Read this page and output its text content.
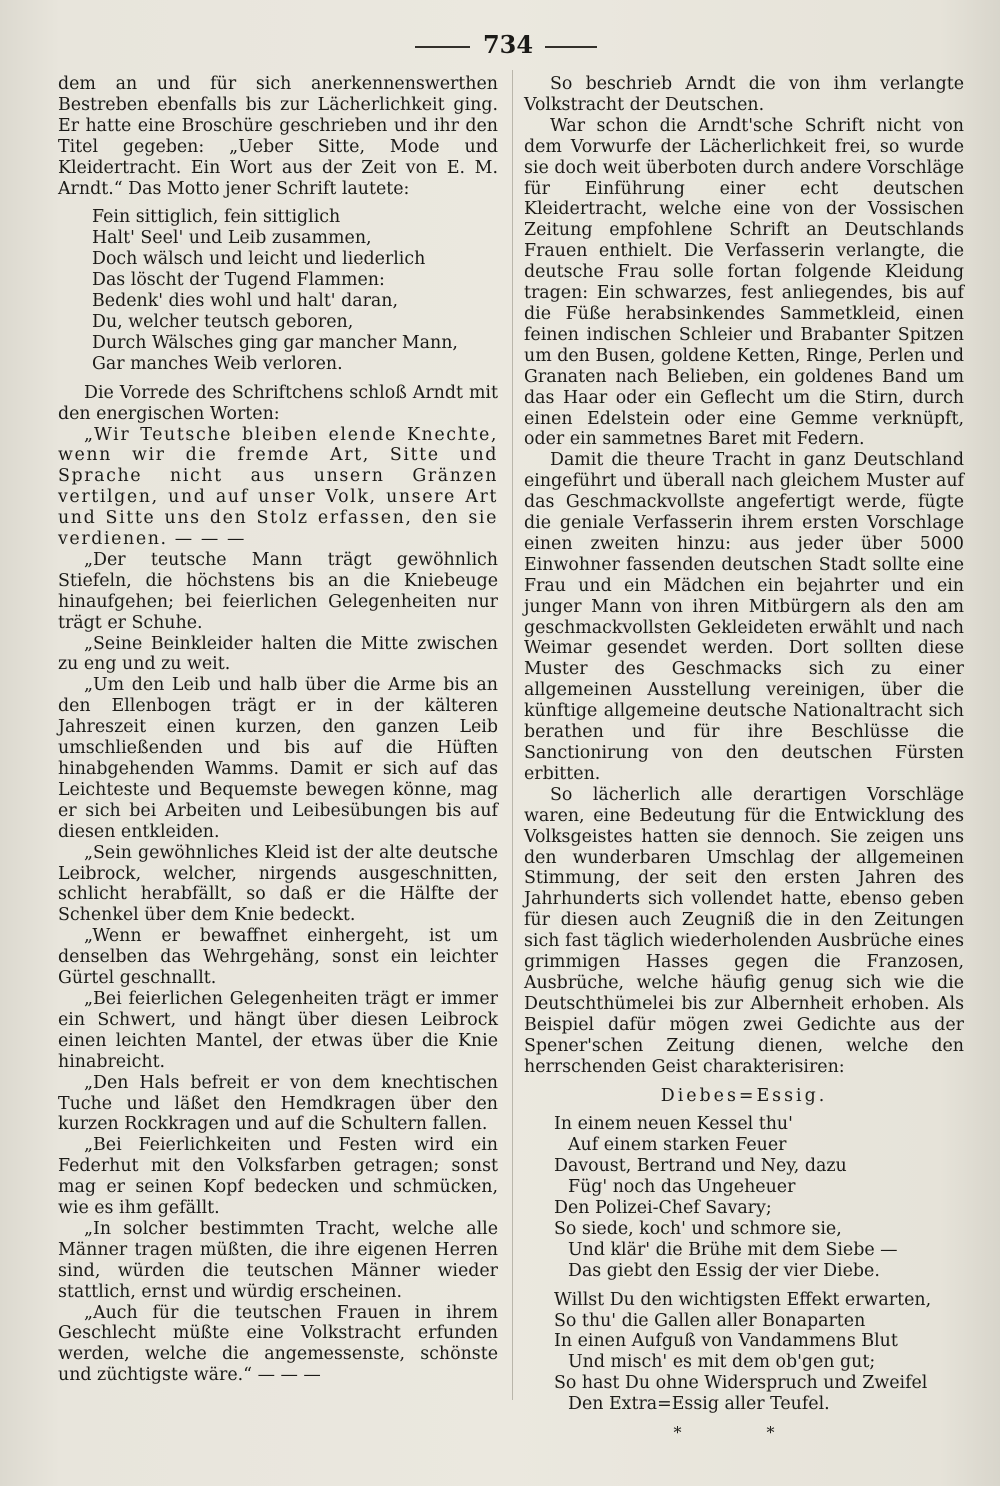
734

dem an und für sich anerkennenswerthen Bestreben ebenfalls bis zur Lächerlichkeit ging. Er hatte eine Broschüre geschrieben und ihr den Titel gegeben: „Ueber Sitte, Mode und Kleidertracht. Ein Wort aus der Zeit von E. M. Arndt.“ Das Motto jener Schrift lautete:

Fein sittiglich, fein sittiglich
Halt' Seel' und Leib zusammen,
Doch wälsch und leicht und liederlich
Das löscht der Tugend Flammen:
Bedenk' dies wohl und halt' daran,
Du, welcher teutsch geboren,
Durch Wälsches ging gar mancher Mann,
Gar manches Weib verloren.

Die Vorrede des Schriftchens schloß Arndt mit den energischen Worten:

„Wir Teutsche bleiben elende Knechte, wenn wir die fremde Art, Sitte und Sprache nicht aus unsern Gränzen vertilgen, und auf unser Volk, unsere Art und Sitte uns den Stolz erfassen, den sie verdienen. — — —

„Der teutsche Mann trägt gewöhnlich Stiefeln, die höchstens bis an die Kniebeuge hinaufgehen; bei feierlichen Gelegenheiten nur trägt er Schuhe.

„Seine Beinkleider halten die Mitte zwischen zu eng und zu weit.

„Um den Leib und halb über die Arme bis an den Ellenbogen trägt er in der kälteren Jahreszeit einen kurzen, den ganzen Leib umschließenden und bis auf die Hüften hinabgehenden Wamms. Damit er sich auf das Leichteste und Bequemste bewegen könne, mag er sich bei Arbeiten und Leibesübungen bis auf diesen entkleiden.

„Sein gewöhnliches Kleid ist der alte deutsche Leibrock, welcher, nirgends ausgeschnitten, schlicht herabfällt, so daß er die Hälfte der Schenkel über dem Knie bedeckt.

„Wenn er bewaffnet einhergeht, ist um denselben das Wehrgehäng, sonst ein leichter Gürtel geschnallt.

„Bei feierlichen Gelegenheiten trägt er immer ein Schwert, und hängt über diesen Leibrock einen leichten Mantel, der etwas über die Knie hinabreicht.

„Den Hals befreit er von dem knechtischen Tuche und läßet den Hemdkragen über den kurzen Rockkragen und auf die Schultern fallen.

„Bei Feierlichkeiten und Festen wird ein Federhut mit den Volksfarben getragen; sonst mag er seinen Kopf bedecken und schmücken, wie es ihm gefällt.

„In solcher bestimmten Tracht, welche alle Männer tragen müßten, die ihre eigenen Herren sind, würden die teutschen Männer wieder stattlich, ernst und würdig erscheinen.

„Auch für die teutschen Frauen in ihrem Geschlecht müßte eine Volkstracht erfunden werden, welche die angemessenste, schönste und züchtigste wäre.“ — — —

So beschrieb Arndt die von ihm verlangte Volkstracht der Deutschen.

War schon die Arndt'sche Schrift nicht von dem Vorwurfe der Lächerlichkeit frei, so wurde sie doch weit überboten durch andere Vorschläge für Einführung einer echt deutschen Kleidertracht, welche eine von der Vossischen Zeitung empfohlene Schrift an Deutschlands Frauen enthielt. Die Verfasserin verlangte, die deutsche Frau solle fortan folgende Kleidung tragen: Ein schwarzes, fest anliegendes, bis auf die Füße herabsinkendes Sammetkleid, einen feinen indischen Schleier und Brabanter Spitzen um den Busen, goldene Ketten, Ringe, Perlen und Granaten nach Belieben, ein goldenes Band um das Haar oder ein Geflecht um die Stirn, durch einen Edelstein oder eine Gemme verknüpft, oder ein sammetnes Baret mit Federn.

Damit die theure Tracht in ganz Deutschland eingeführt und überall nach gleichem Muster auf das Geschmackvollste angefertigt werde, fügte die geniale Verfasserin ihrem ersten Vorschlage einen zweiten hinzu: aus jeder über 5000 Einwohner fassenden deutschen Stadt sollte eine Frau und ein Mädchen ein bejahrter und ein junger Mann von ihren Mitbürgern als den am geschmackvollsten Gekleideten erwählt und nach Weimar gesendet werden. Dort sollten diese Muster des Geschmacks sich zu einer allgemeinen Ausstellung vereinigen, über die künftige allgemeine deutsche Nationaltracht sich berathen und für ihre Beschlüsse die Sanctionirung von den deutschen Fürsten erbitten.

So lächerlich alle derartigen Vorschläge waren, eine Bedeutung für die Entwicklung des Volksgeistes hatten sie dennoch. Sie zeigen uns den wunderbaren Umschlag der allgemeinen Stimmung, der seit den ersten Jahren des Jahrhunderts sich vollendet hatte, ebenso geben für diesen auch Zeugniß die in den Zeitungen sich fast täglich wiederholenden Ausbrüche eines grimmigen Hasses gegen die Franzosen, Ausbrüche, welche häufig genug sich wie die Deutschthümelei bis zur Albernheit erhoben. Als Beispiel dafür mögen zwei Gedichte aus der Spener'schen Zeitung dienen, welche den herrschenden Geist charakterisiren:

Diebes=Essig.
In einem neuen Kessel thu'
Auf einem starken Feuer
Davoust, Bertrand und Ney, dazu
Füg' noch das Ungeheuer
Den Polizei-Chef Savary;
So siede, koch' und schmore sie,
Und klär' die Brühe mit dem Siebe —
Das giebt den Essig der vier Diebe.
Willst Du den wichtigsten Effekt erwarten,
So thu' die Gallen aller Bonaparten
In einen Aufguß von Vandammens Blut
Und misch' es mit dem ob'gen gut;
So hast Du ohne Widerspruch und Zweifel
Den Extra=Essig aller Teufel.
* *
